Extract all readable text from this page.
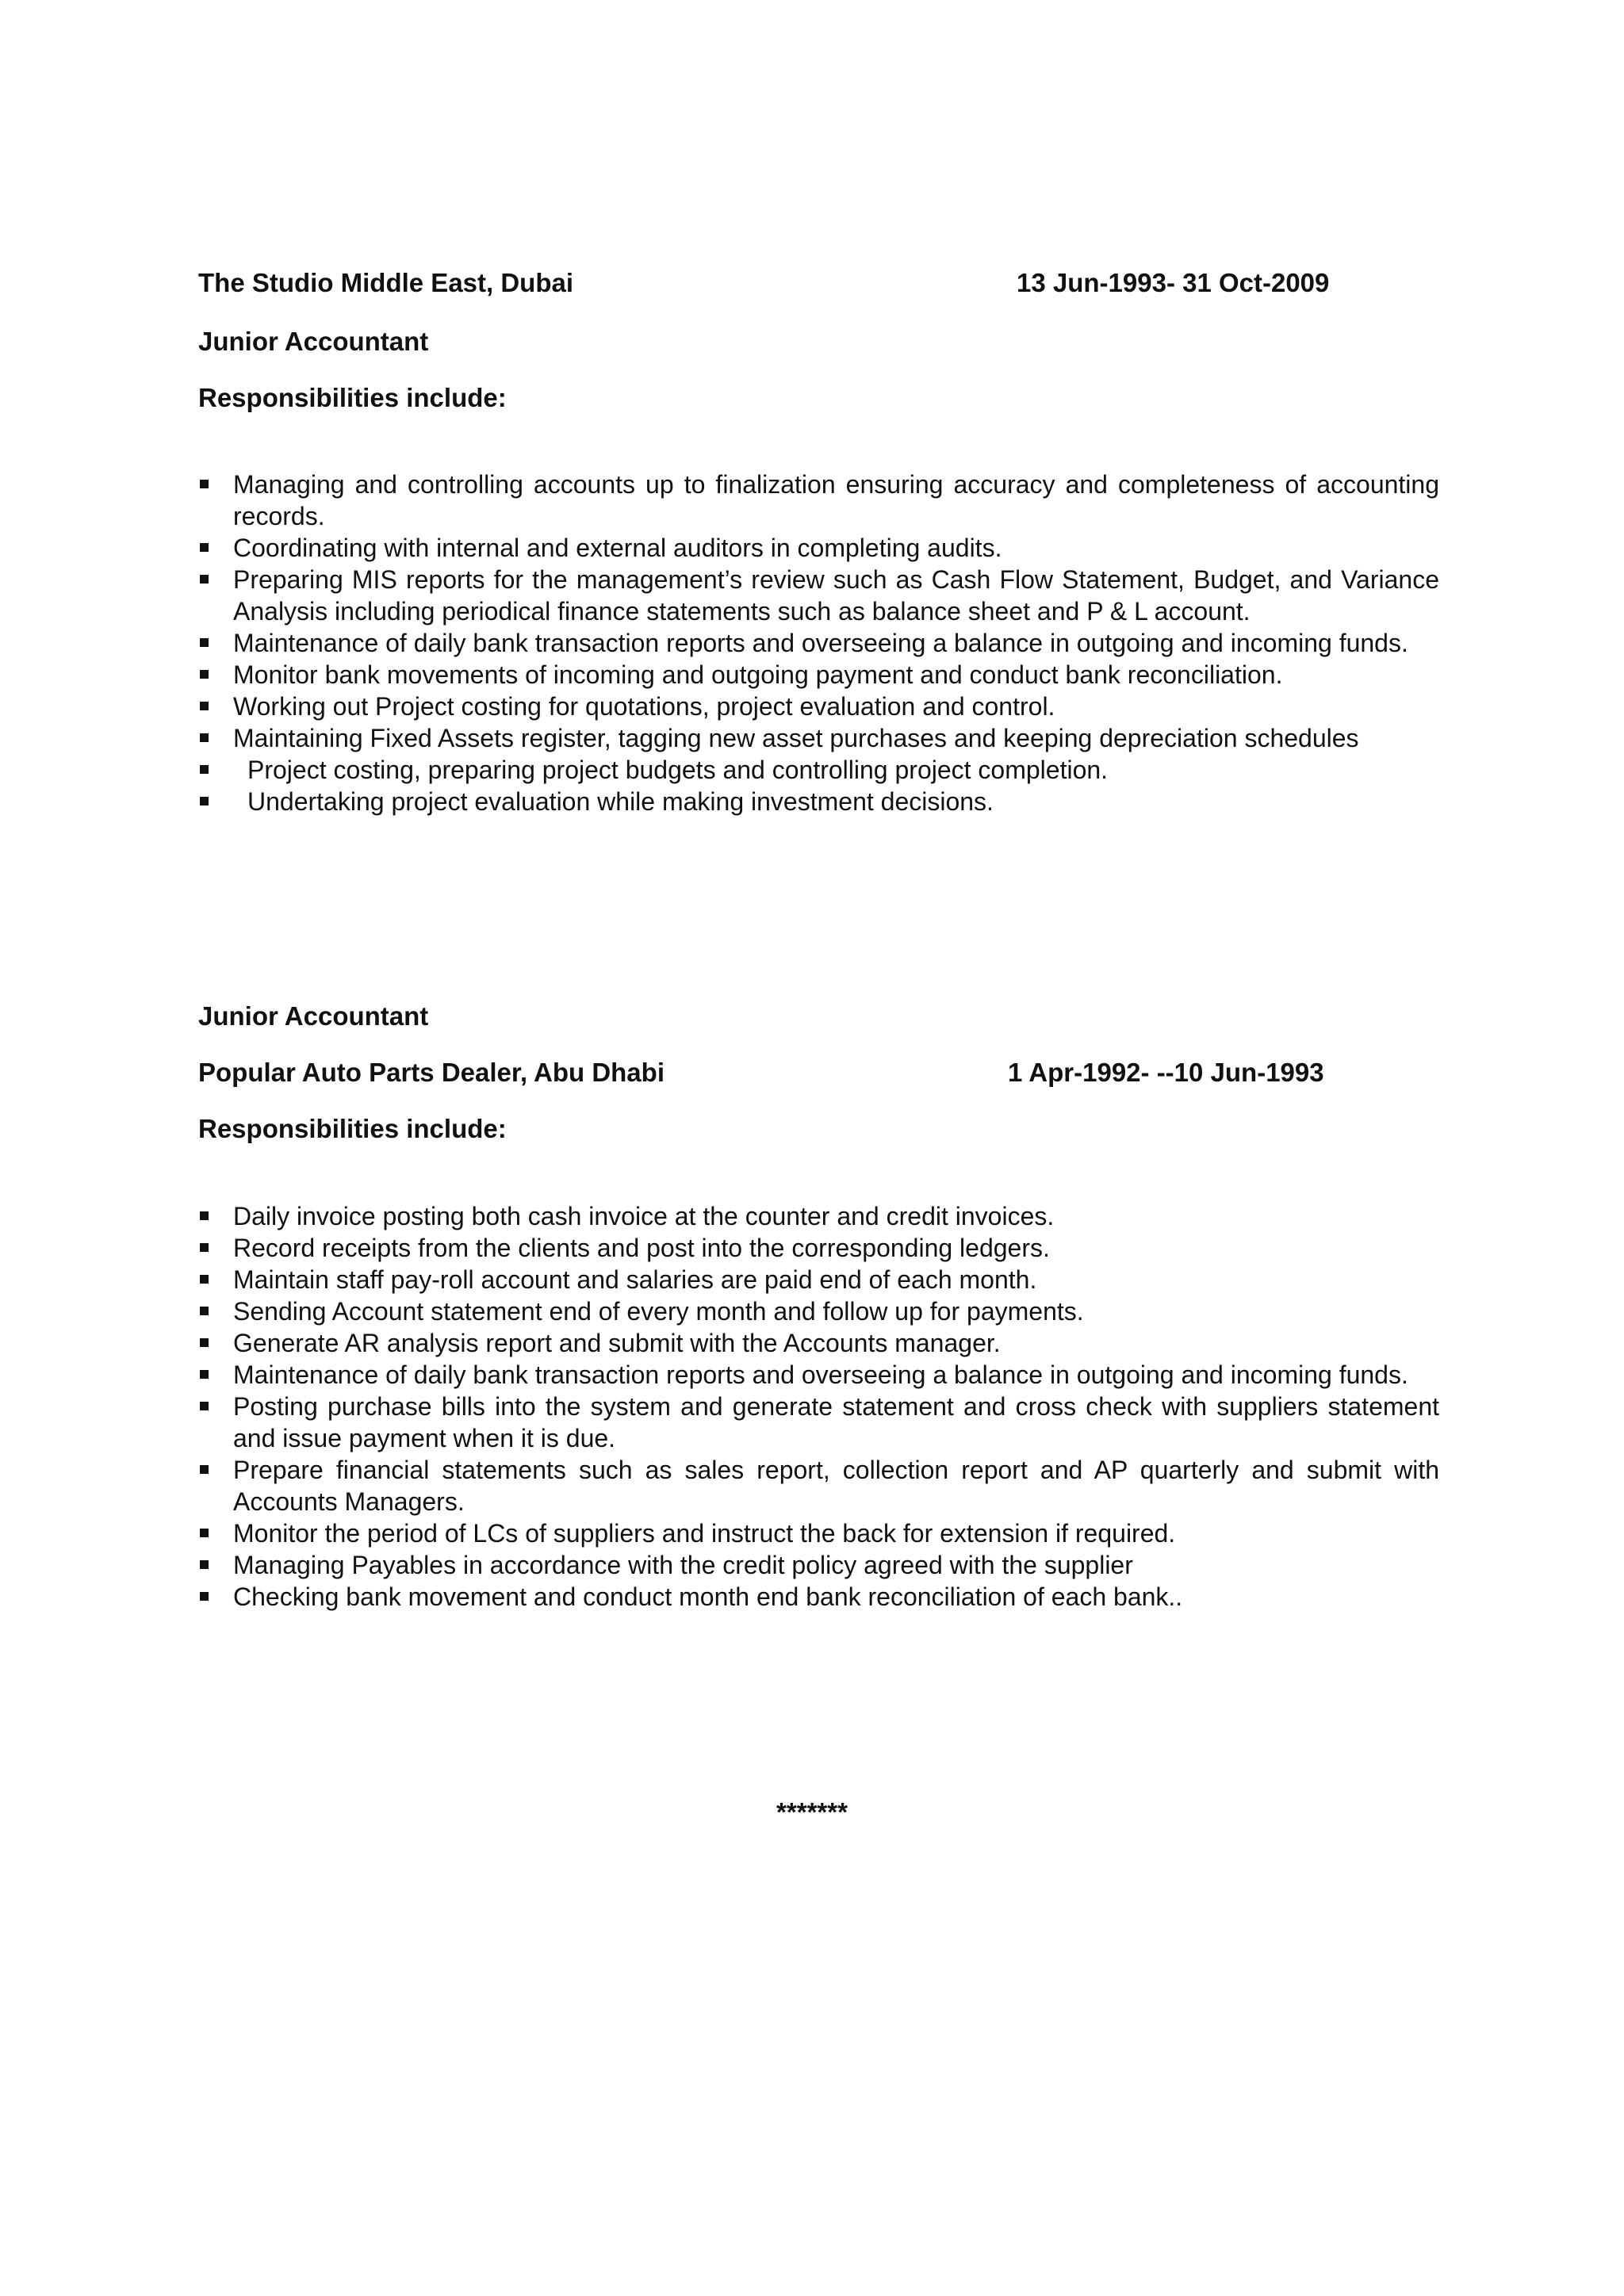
The Studio Middle East, Dubai	13 Jun-1993- 31 Oct-2009
Junior Accountant
Responsibilities include:
Managing and controlling accounts up to finalization ensuring accuracy and completeness of accounting records.
Coordinating with internal and external auditors in completing audits.
Preparing MIS reports for the management’s review such as Cash Flow Statement, Budget, and Variance Analysis including periodical finance statements such as balance sheet and P & L account.
Maintenance of daily bank transaction reports and overseeing a balance in outgoing and incoming funds.
Monitor bank movements of incoming and outgoing payment and conduct bank reconciliation.
Working out Project costing for quotations, project evaluation and control.
Maintaining Fixed Assets register, tagging new asset purchases and keeping depreciation schedules
Project costing, preparing project budgets and controlling project completion.
Undertaking project evaluation while making investment decisions.
Junior Accountant
Popular Auto Parts Dealer, Abu Dhabi	1 Apr-1992- --10 Jun-1993
Responsibilities include:
Daily invoice posting both cash invoice at the counter and credit invoices.
Record receipts from the clients and post into the corresponding ledgers.
Maintain staff pay-roll account and salaries are paid end of each month.
Sending Account statement end of every month and follow up for payments.
Generate AR analysis report and submit with the Accounts manager.
Maintenance of daily bank transaction reports and overseeing a balance in outgoing and incoming funds.
Posting purchase bills into the system and generate statement and cross check with suppliers statement and issue payment when it is due.
Prepare financial statements such as sales report, collection report and AP quarterly and submit with Accounts Managers.
Monitor the period of LCs of suppliers and instruct the back for extension if required.
Managing Payables in accordance with the credit policy agreed with the supplier
Checking bank movement and conduct month end bank reconciliation of each bank..
*******
